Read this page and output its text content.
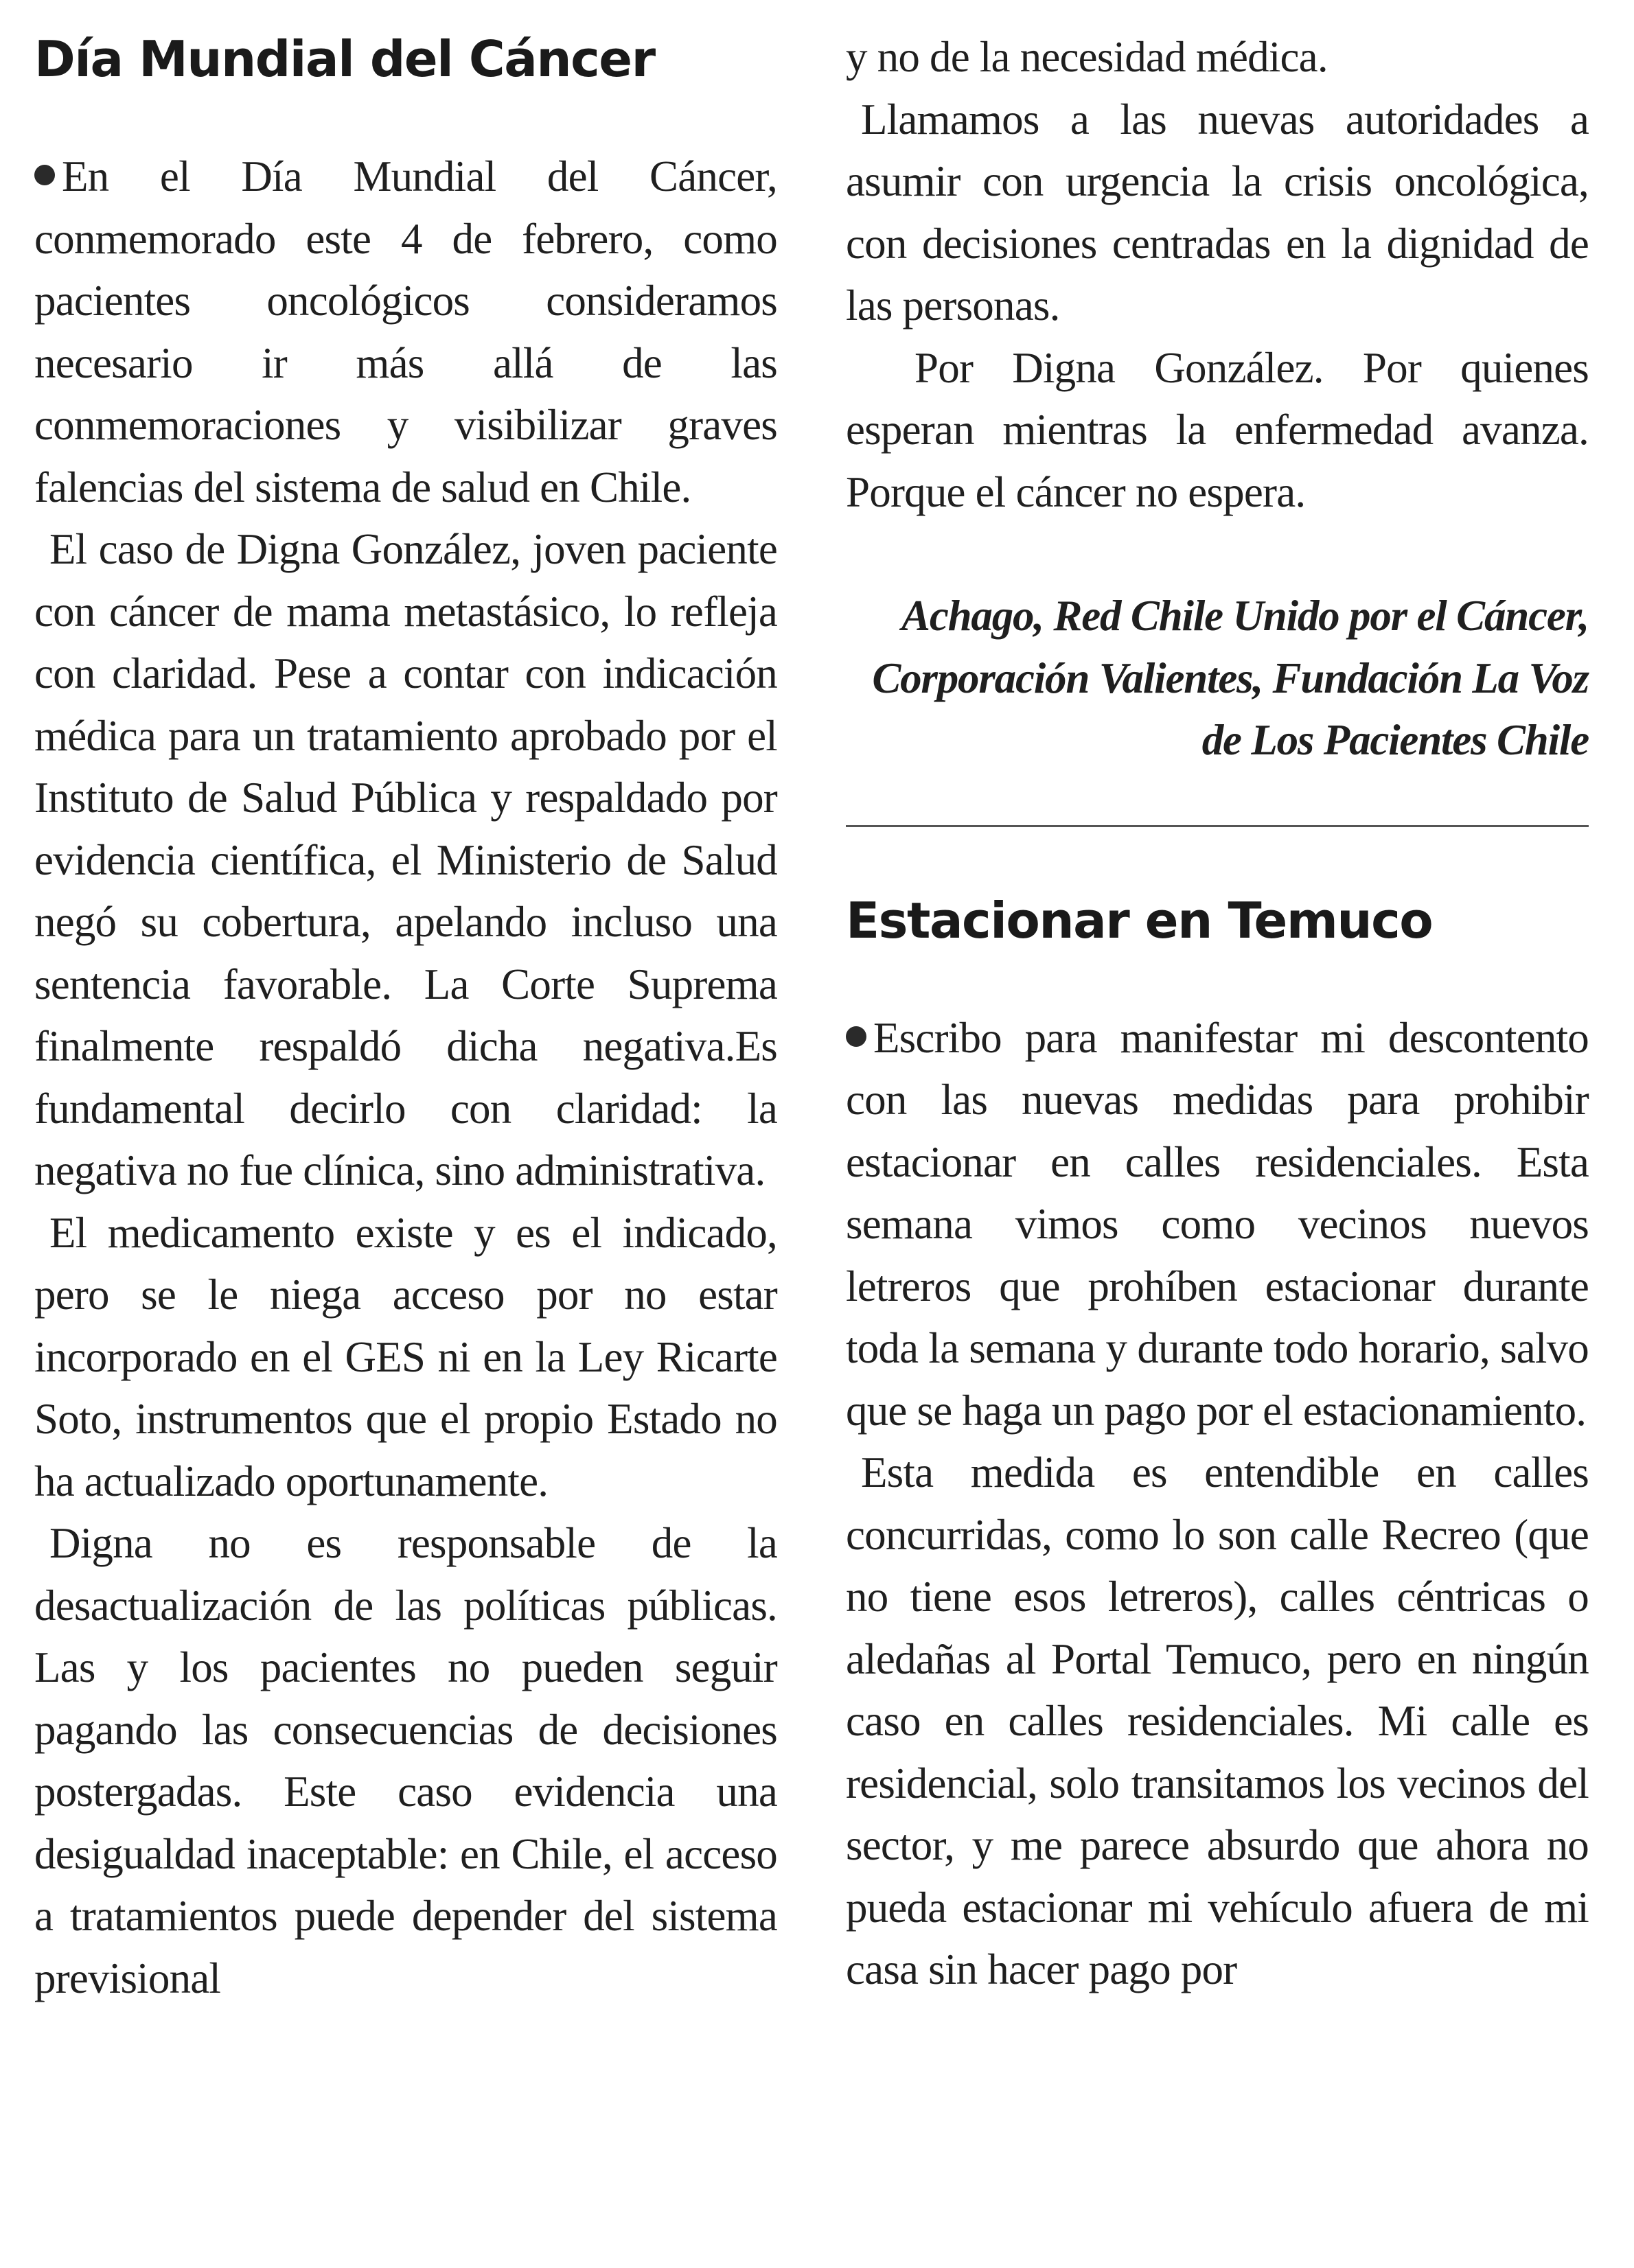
Día Mundial del Cáncer

En el Día Mundial del Cáncer, conmemorado este 4 de febrero, como pacientes oncológicos consideramos necesario ir más allá de las conmemoraciones y visibilizar graves falencias del sistema de salud en Chile.

El caso de Digna González, joven paciente con cáncer de mama metastásico, lo refleja con claridad. Pese a contar con indicación médica para un tratamiento aprobado por el Instituto de Salud Pública y respaldado por evidencia científica, el Ministerio de Salud negó su cobertura, apelando incluso una sentencia favorable. La Corte Suprema finalmente respaldó dicha negativa.Es fundamental decirlo con claridad: la negativa no fue clínica, sino administrativa.

El medicamento existe y es el indicado, pero se le niega acceso por no estar incorporado en el GES ni en la Ley Ricarte Soto, instrumentos que el propio Estado no ha actualizado oportunamente.

Digna no es responsable de la desactualización de las políticas públicas. Las y los pacientes no pueden seguir pagando las consecuencias de decisiones postergadas. Este caso evidencia una desigualdad inaceptable: en Chile, el acceso a tratamientos puede depender del sistema previsional

y no de la necesidad médica.

Llamamos a las nuevas autoridades a asumir con urgencia la crisis oncológica, con decisiones centradas en la dignidad de las personas.

Por Digna González. Por quienes esperan mientras la enfermedad avanza. Porque el cáncer no espera.

Achago, Red Chile Unido por el Cáncer, Corporación Valientes, Fundación La Voz de Los Pacientes Chile

Estacionar en Temuco

Escribo para manifestar mi descontento con las nuevas medidas para prohibir estacionar en calles residenciales. Esta semana vimos como vecinos nuevos letreros que prohíben estacionar durante toda la semana y durante todo horario, salvo que se haga un pago por el estacionamiento.

Esta medida es entendible en calles concurridas, como lo son calle Recreo (que no tiene esos letreros), calles céntricas o aledañas al Portal Temuco, pero en ningún caso en calles residenciales. Mi calle es residencial, solo transitamos los vecinos del sector, y me parece absurdo que ahora no pueda estacionar mi vehículo afuera de mi casa sin hacer pago por
